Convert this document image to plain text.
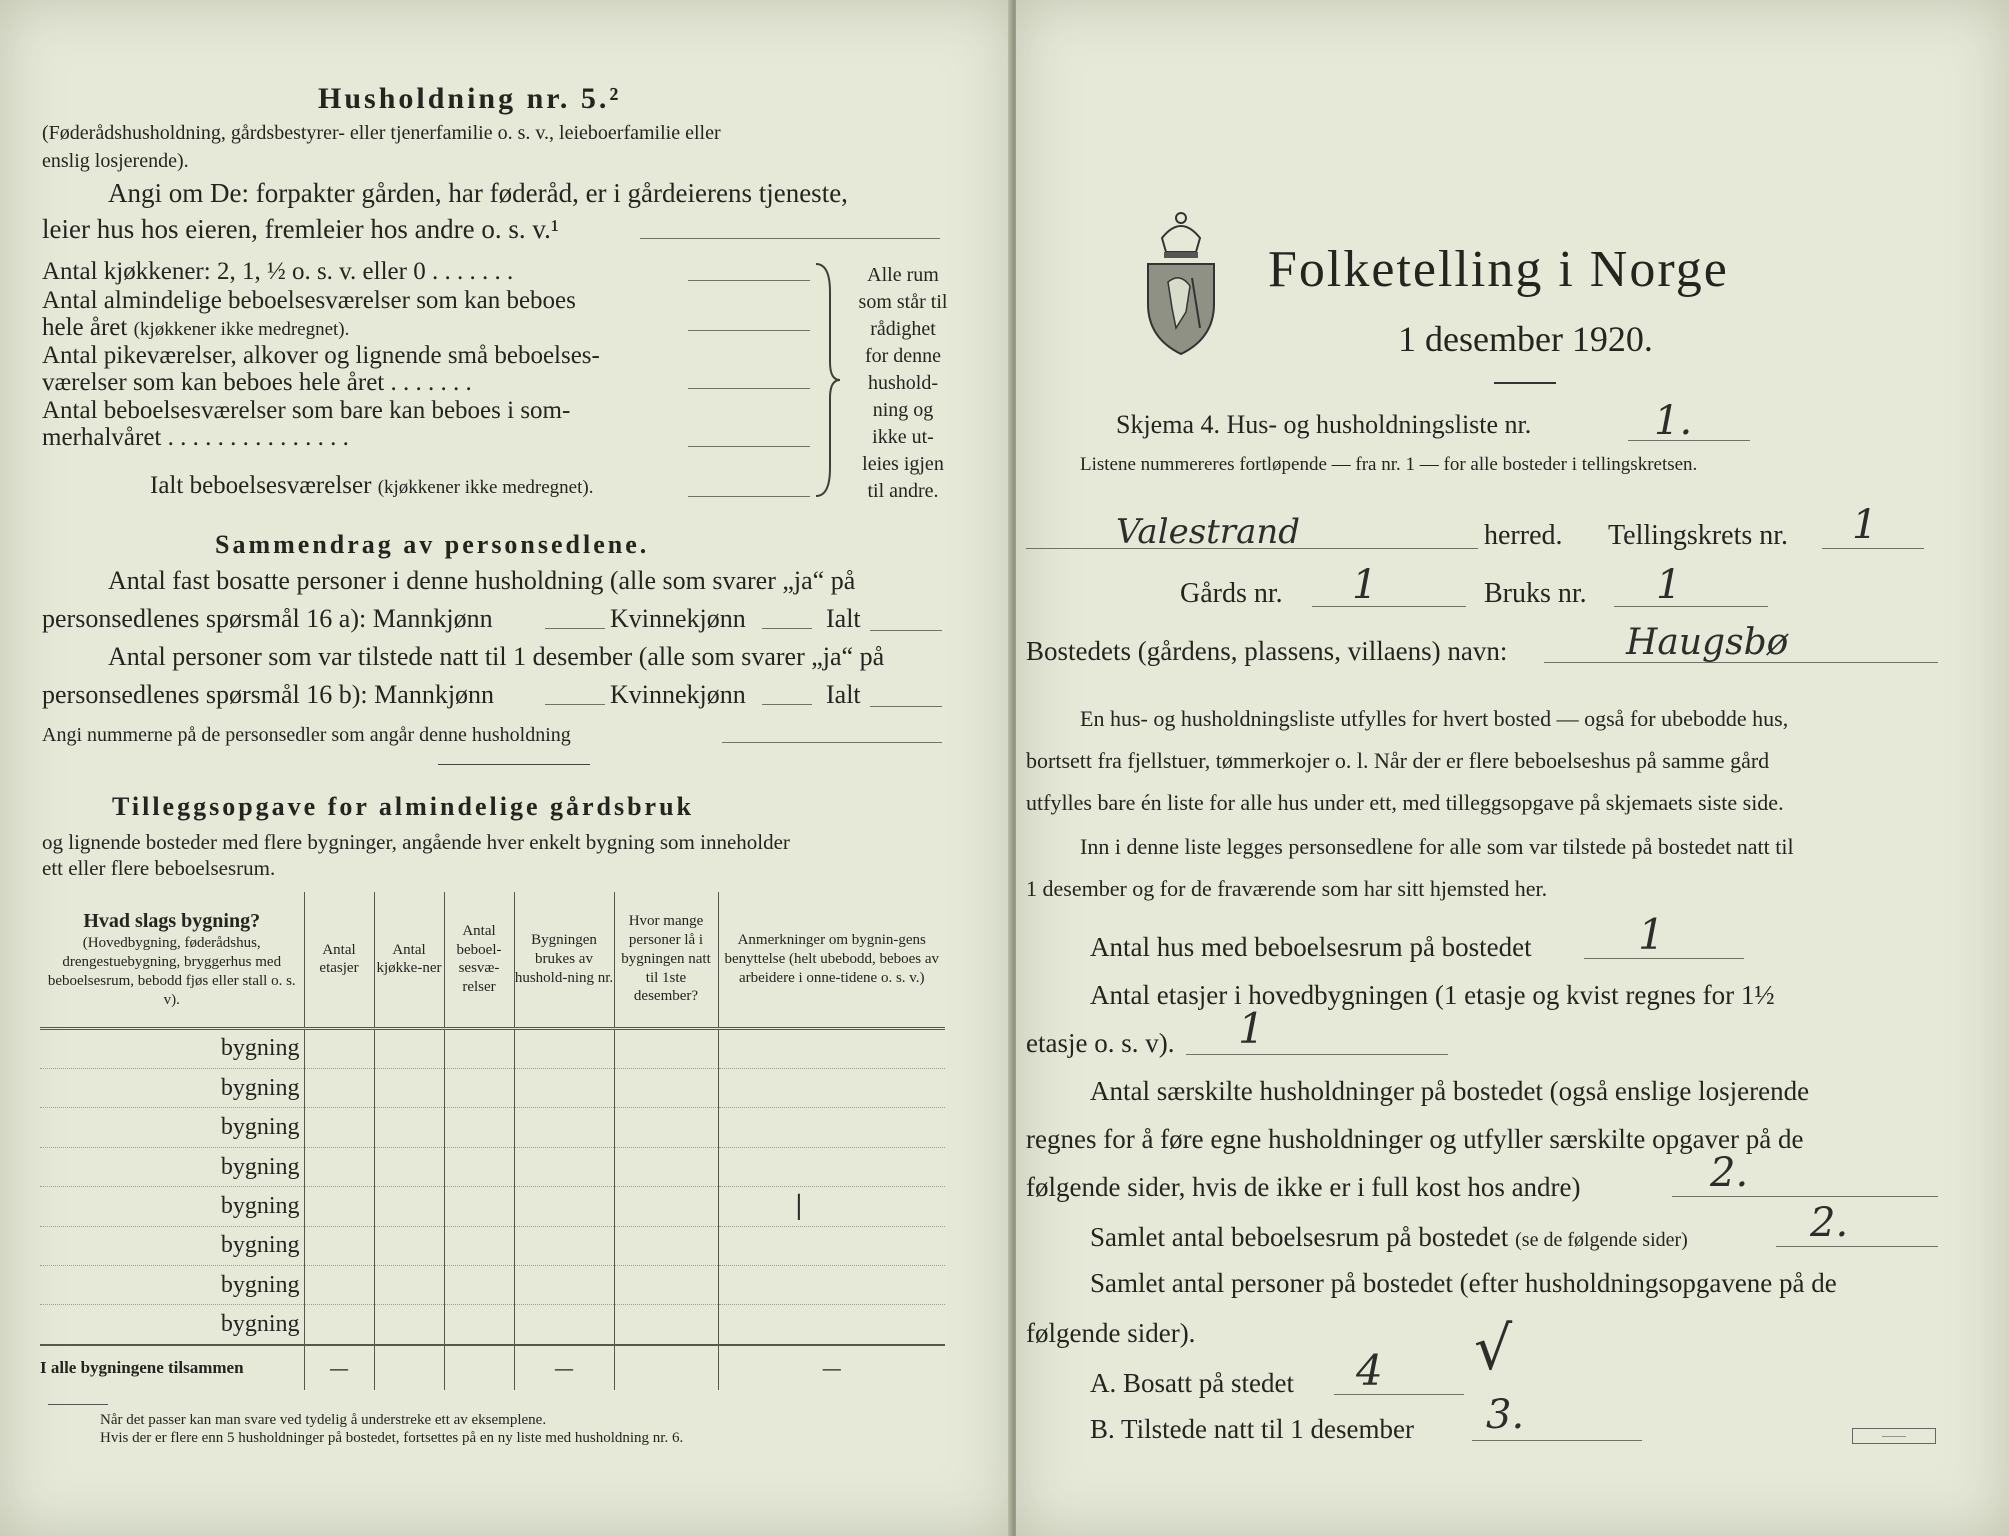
Husholdning nr. 5.²
(Føderådshusholdning, gårdsbestyrer- eller tjenerfamilie o. s. v., leieboerfamilie eller
enslig losjerende).
Angi om De: forpakter gården, har føderåd, er i gårdeierens tjeneste,
leier hus hos eieren, fremleier hos andre o. s. v.¹
Antal kjøkkener: 2, 1, ½ o. s. v. eller 0 . . . . . . .
Antal almindelige beboelsesværelser som kan beboes
hele året (kjøkkener ikke medregnet).
Antal pikeværelser, alkover og lignende små beboelses-
værelser som kan beboes hele året . . . . . . .
Antal beboelsesværelser som bare kan beboes i som-
merhalvåret . . . . . . . . . . . . . . .
Ialt beboelsesværelser (kjøkkener ikke medregnet).
Alle rum
som står til
rådighet
for denne
hushold-
ning og
ikke ut-
leies igjen
til andre.
Sammendrag av personsedlene.
Antal fast bosatte personer i denne husholdning (alle som svarer „ja“ på
personsedlenes spørsmål 16 a): Mannkjønn	Kvinnekjønn	Ialt
Antal personer som var tilstede natt til 1 desember (alle som svarer „ja“ på
personsedlenes spørsmål 16 b): Mannkjønn	Kvinnekjønn	Ialt
Angi nummerne på de personsedler som angår denne husholdning
Tilleggsopgave for almindelige gårdsbruk
og lignende bosteder med flere bygninger, angående hver enkelt bygning som inneholder
ett eller flere beboelsesrum.
Hvad slags bygning?
(Hovedbygning, føderådshus, drengestuebygning, bryggerhus med beboelsesrum, bebodd fjøs eller stall o. s. v).	Antal etasjer	Antal kjøkke-ner	Antal beboel-sesvæ-relser	Bygningen brukes av hushold-ning nr.	Hvor mange personer lå i bygningen natt til 1ste desember?	Anmerkninger om bygnin-gens benyttelse (helt ubebodd, beboes av arbeidere i onne-tidene o. s. v.)
bygning						
bygning						
bygning						
bygning						
bygning						|
bygning						
bygning						
bygning						
I alle bygningene tilsammen	—			—		—
Når det passer kan man svare ved tydelig å understreke ett av eksemplene.
Hvis der er flere enn 5 husholdninger på bostedet, fortsettes på en ny liste med husholdning nr. 6.
Folketelling i Norge
1 desember 1920.
Skjema 4. Hus- og husholdningsliste nr.	1.
Listene nummereres fortløpende — fra nr. 1 — for alle bosteder i tellingskretsen.
Valestrand	herred. Tellingskrets nr. 1
Gårds nr. 1	Bruks nr. 1
Bostedets (gårdens, plassens, villaens) navn:	Haugsbø
En hus- og husholdningsliste utfylles for hvert bosted — også for ubebodde hus,
bortsett fra fjellstuer, tømmerkojer o. l. Når der er flere beboelseshus på samme gård
utfylles bare én liste for alle hus under ett, med tilleggsopgave på skjemaets siste side.
Inn i denne liste legges personsedlene for alle som var tilstede på bostedet natt til
1 desember og for de fraværende som har sitt hjemsted her.
Antal hus med beboelsesrum på bostedet	1
Antal etasjer i hovedbygningen (1 etasje og kvist regnes for 1½
etasje o. s. v). 1
Antal særskilte husholdninger på bostedet (også enslige losjerende
regnes for å føre egne husholdninger og utfyller særskilte opgaver på de
følgende sider, hvis de ikke er i full kost hos andre)	2.
Samlet antal beboelsesrum på bostedet (se de følgende sider)	2.
Samlet antal personer på bostedet (efter husholdningsopgavene på de
følgende sider).
A. Bosatt på stedet 4 √
B. Tilstede natt til 1 desember 3.	———
